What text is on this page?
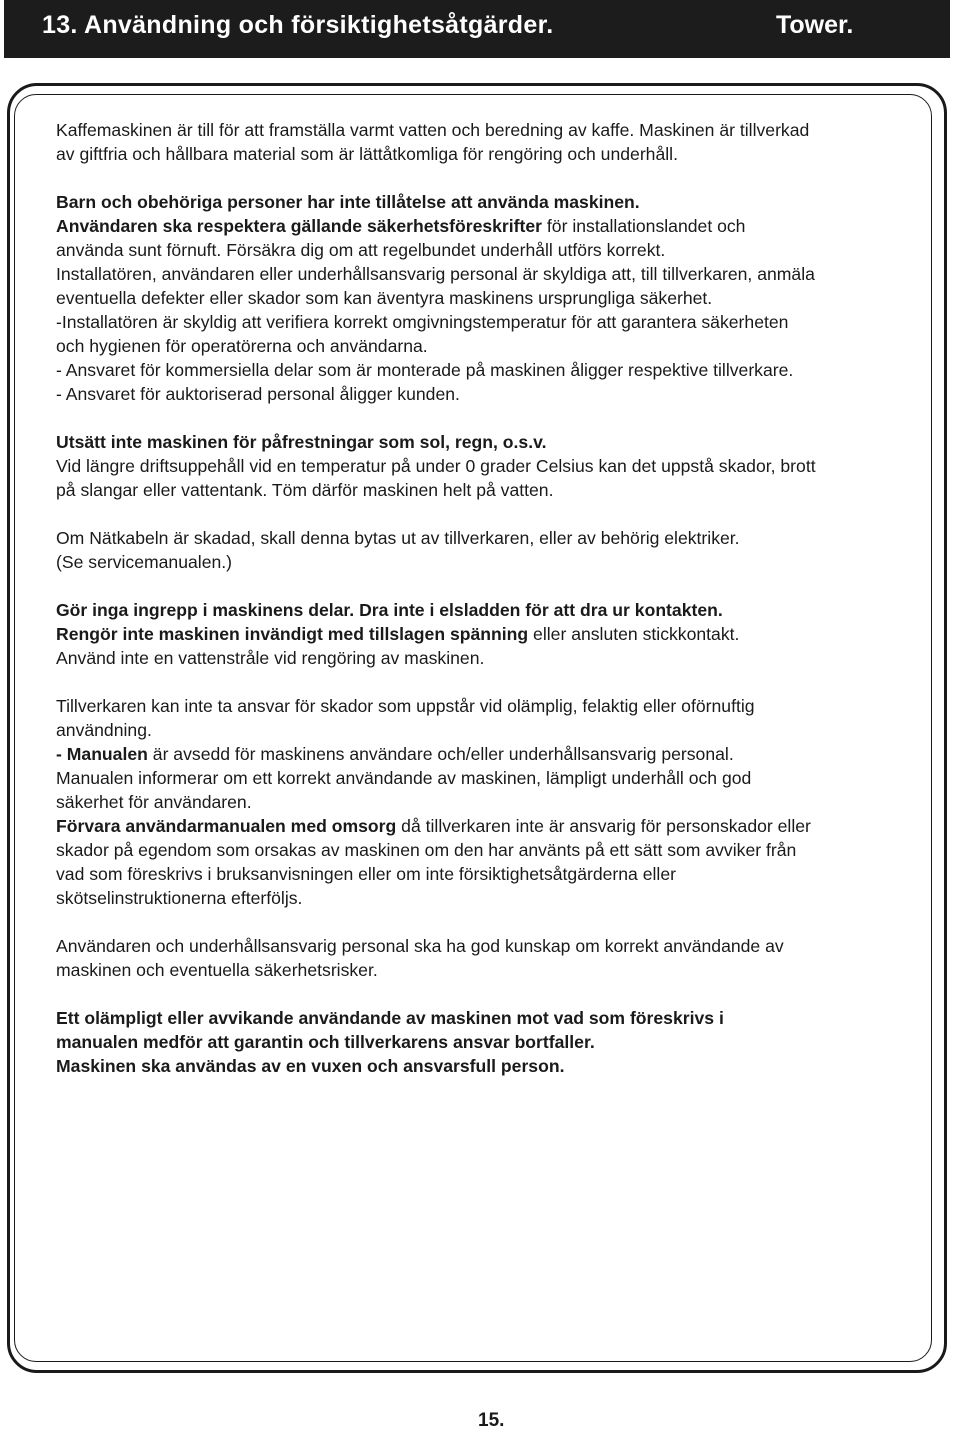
13. Användning och försiktighetsåtgärder.	Tower.

Kaffemaskinen är till för att framställa varmt vatten och beredning av kaffe. Maskinen är tillverkad

av giftfria och hållbara material som är lättåtkomliga för rengöring och underhåll.

Barn och obehöriga personer har inte tillåtelse att använda maskinen.

Användaren ska respektera gällande säkerhetsföreskrifter för installationslandet och

använda sunt förnuft. Försäkra dig om att regelbundet underhåll utförs korrekt.

Installatören, användaren eller underhållsansvarig personal är skyldiga att, till tillverkaren, anmäla

eventuella defekter eller skador som kan äventyra maskinens ursprungliga säkerhet.

-Installatören är skyldig att verifiera korrekt omgivningstemperatur för att garantera säkerheten

och hygienen för operatörerna och användarna.

- Ansvaret för kommersiella delar som är monterade på maskinen åligger respektive tillverkare.

- Ansvaret för auktoriserad personal åligger kunden.

Utsätt inte maskinen för påfrestningar som sol, regn, o.s.v.

Vid längre driftsuppehåll vid en temperatur på under 0 grader Celsius kan det uppstå skador, brott

på slangar eller vattentank. Töm därför maskinen helt på vatten.

Om Nätkabeln är skadad, skall denna bytas ut av tillverkaren, eller av behörig elektriker.

(Se servicemanualen.)

Gör inga ingrepp i maskinens delar. Dra inte i elsladden för att dra ur kontakten.

Rengör inte maskinen invändigt med tillslagen spänning eller ansluten stickkontakt.

Använd inte en vattenstråle vid rengöring av maskinen.

Tillverkaren kan inte ta ansvar för skador som uppstår vid olämplig, felaktig eller oförnuftig

användning.

- Manualen är avsedd för maskinens användare och/eller underhållsansvarig personal.

Manualen informerar om ett korrekt användande av maskinen, lämpligt underhåll och god

säkerhet för användaren.

Förvara användarmanualen med omsorg då tillverkaren inte är ansvarig för personskador eller

skador på egendom som orsakas av maskinen om den har använts på ett sätt som avviker från

vad som föreskrivs i bruksanvisningen eller om inte försiktighetsåtgärderna eller

skötselinstruktionerna efterföljs.

Användaren och underhållsansvarig personal ska ha god kunskap om korrekt användande av

maskinen och eventuella säkerhetsrisker.

Ett olämpligt eller avvikande användande av maskinen mot vad som föreskrivs i

manualen medför att garantin och tillverkarens ansvar bortfaller.

Maskinen ska användas av en vuxen och ansvarsfull person.

15.
